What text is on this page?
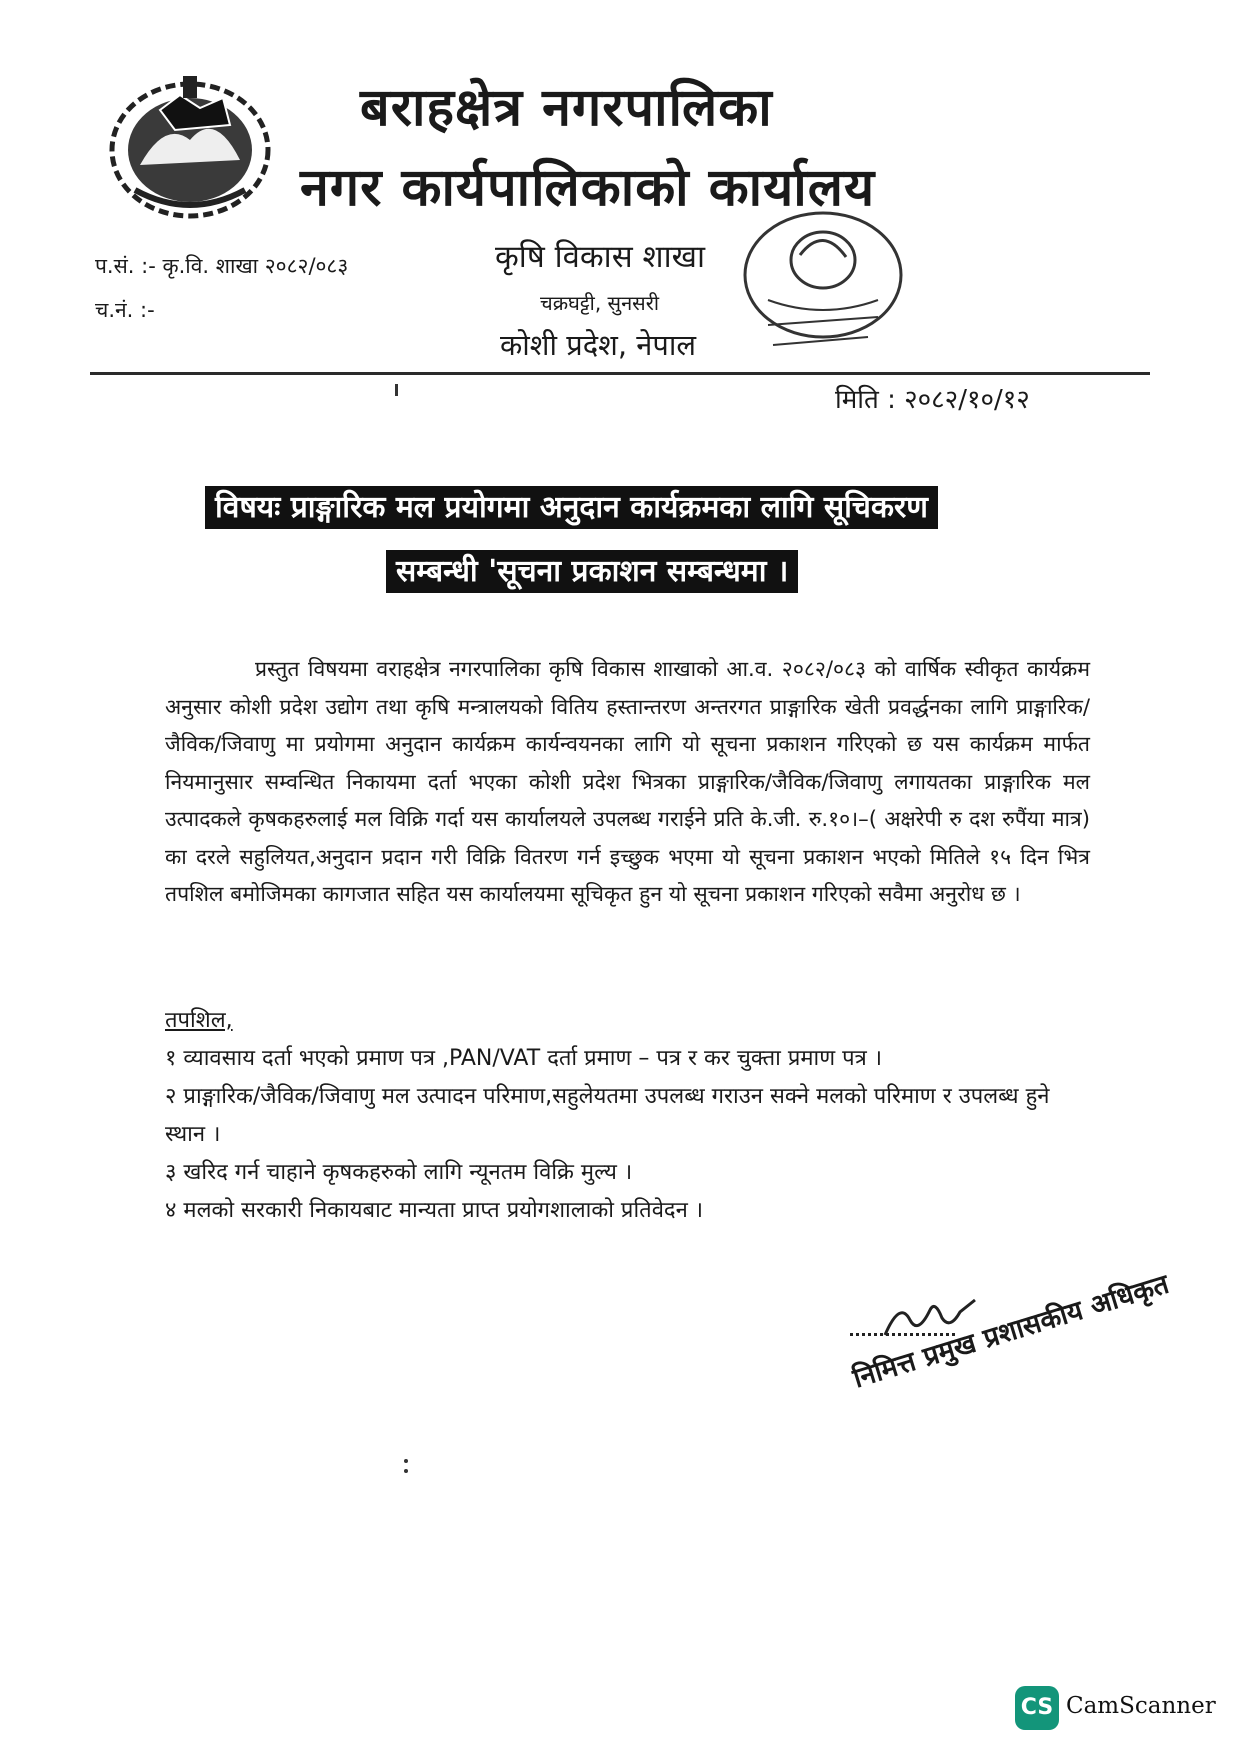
बराहक्षेत्र नगरपालिका
नगर कार्यपालिकाको कार्यालय
प.सं. :- कृ.वि. शाखा २०८२/०८३
च.नं. :-
कृषि विकास शाखा
चक्रघट्टी, सुनसरी
कोशी प्रदेश, नेपाल
मिति : २०८२/१०/१२
विषयः प्राङ्गारिक मल प्रयोगमा अनुदान कार्यक्रमका लागि सूचिकरण
सम्बन्धी 'सूचना प्रकाशन सम्बन्धमा ।
प्रस्तुत विषयमा वराहक्षेत्र नगरपालिका कृषि विकास शाखाको आ.व. २०८२/०८३ को वार्षिक स्वीकृत कार्यक्रम अनुसार कोशी प्रदेश उद्योग तथा कृषि मन्त्रालयको वितिय हस्तान्तरण अन्तरगत प्राङ्गारिक खेती प्रवर्द्धनका लागि प्राङ्गारिक/जैविक/जिवाणु मा प्रयोगमा अनुदान कार्यक्रम कार्यन्वयनका लागि यो सूचना प्रकाशन गरिएको छ यस कार्यक्रम मार्फत नियमानुसार सम्वन्धित निकायमा दर्ता भएका कोशी प्रदेश भित्रका प्राङ्गारिक/जैविक/जिवाणु लगायतका प्राङ्गारिक मल उत्पादकले कृषकहरुलाई मल विक्रि गर्दा यस कार्यालयले उपलब्ध गराईने प्रति के.जी. रु.१०।–( अक्षरेपी रु दश रुपैंया मात्र) का दरले सहुलियत,अनुदान प्रदान गरी विक्रि वितरण गर्न इच्छुक भएमा यो सूचना प्रकाशन भएको मितिले १५ दिन भित्र तपशिल बमोजिमका कागजात सहित यस कार्यालयमा सूचिकृत हुन यो सूचना प्रकाशन गरिएको सवैमा अनुरोध छ ।
तपशिल,

१ व्यावसाय दर्ता भएको प्रमाण पत्र ,PAN/VAT दर्ता प्रमाण – पत्र र कर चुक्ता प्रमाण पत्र ।

२ प्राङ्गारिक/जैविक/जिवाणु मल उत्पादन परिमाण,सहुलेयतमा उपलब्ध गराउन सक्ने मलको परिमाण र उपलब्ध हुने स्थान ।

३ खरिद गर्न चाहाने कृषकहरुको लागि न्यूनतम विक्रि मुल्य ।

४ मलको सरकारी निकायबाट मान्यता प्राप्त प्रयोगशालाको प्रतिवेदन ।

निमित्त प्रमुख प्रशासकीय अधिकृत
CS CamScanner
